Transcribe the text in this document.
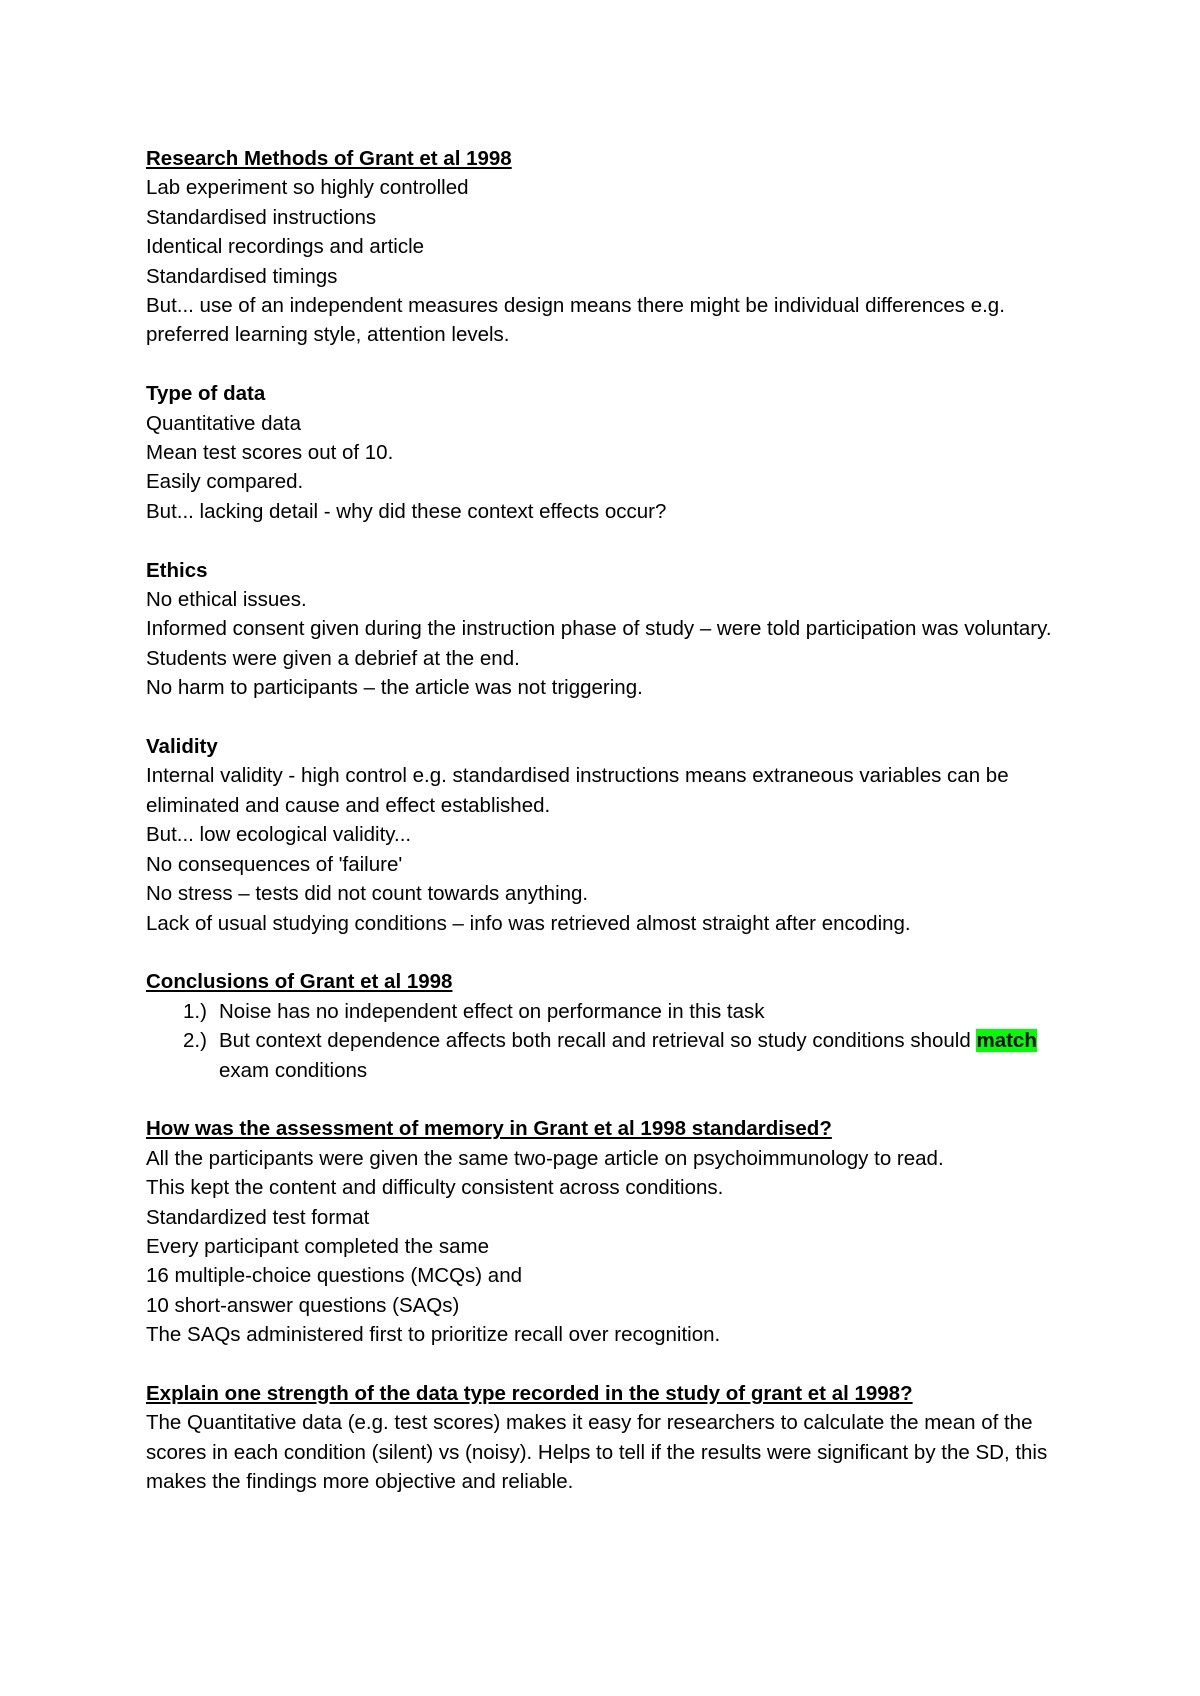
Research Methods of Grant et al 1998
Lab experiment so highly controlled
Standardised instructions
Identical recordings and article
Standardised timings
But... use of an independent measures design means there might be individual differences e.g. preferred learning style, attention levels.
Type of data
Quantitative data
Mean test scores out of 10.
Easily compared.
But... lacking detail - why did these context effects occur?
Ethics
No ethical issues.
Informed consent given during the instruction phase of study – were told participation was voluntary.
Students were given a debrief at the end.
No harm to participants – the article was not triggering.
Validity
Internal validity - high control e.g. standardised instructions means extraneous variables can be eliminated and cause and effect established.
But... low ecological validity...
No consequences of 'failure'
No stress – tests did not count towards anything.
Lack of usual studying conditions – info was retrieved almost straight after encoding.
Conclusions of Grant et al 1998
1.) Noise has no independent effect on performance in this task
2.) But context dependence affects both recall and retrieval so study conditions should match exam conditions
How was the assessment of memory in Grant et al 1998 standardised?
All the participants were given the same two-page article on psychoimmunology to read.
This kept the content and difficulty consistent across conditions.
Standardized test format
Every participant completed the same
16 multiple-choice questions (MCQs) and
10 short-answer questions (SAQs)
The SAQs administered first to prioritize recall over recognition.
Explain one strength of the data type recorded in the study of grant et al 1998?
The Quantitative data (e.g. test scores) makes it easy for researchers to calculate the mean of the scores in each condition (silent) vs (noisy). Helps to tell if the results were significant by the SD, this makes the findings more objective and reliable.
